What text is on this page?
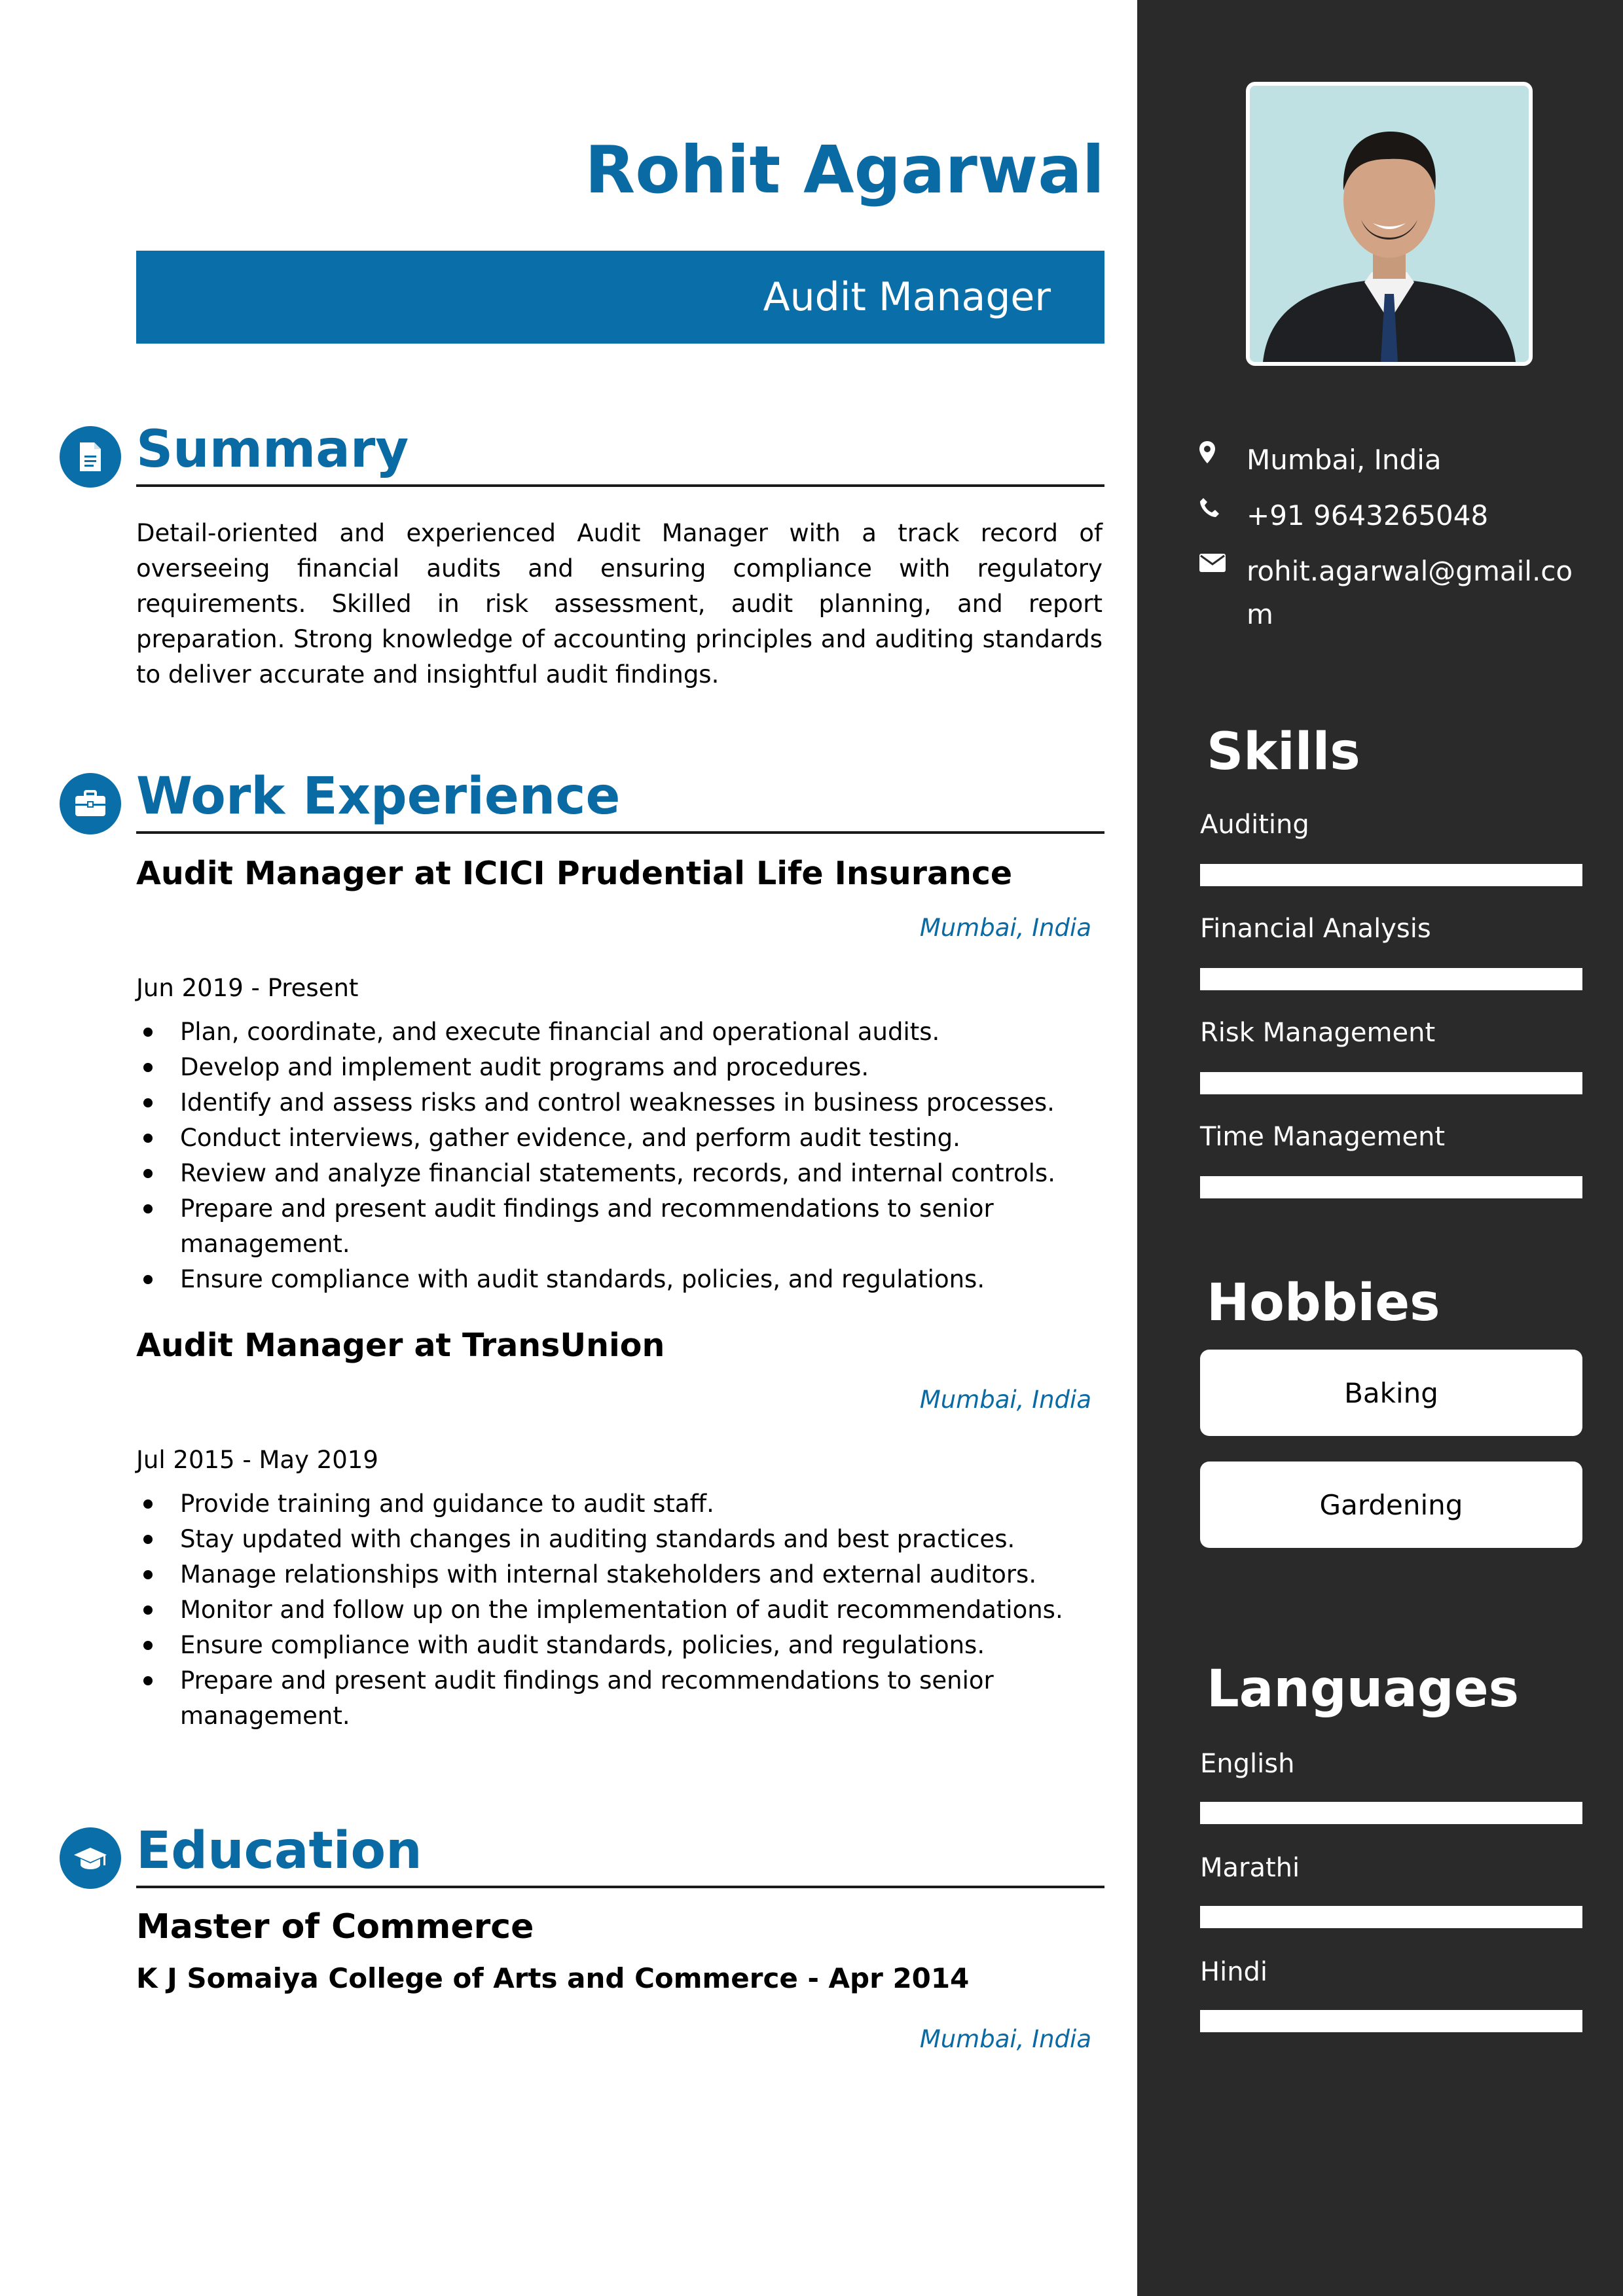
Rohit Agarwal
Audit Manager
Summary

Detail-oriented and experienced Audit Manager with a track record of overseeing financial audits and ensuring compliance with regulatory requirements. Skilled in risk assessment, audit planning, and report preparation. Strong knowledge of accounting principles and auditing standards to deliver accurate and insightful audit findings.

Work Experience
Audit Manager at ICICI Prudential Life Insurance
Mumbai, India
Jun 2019 - Present
Plan, coordinate, and execute financial and operational audits.
Develop and implement audit programs and procedures.
Identify and assess risks and control weaknesses in business processes.
Conduct interviews, gather evidence, and perform audit testing.
Review and analyze financial statements, records, and internal controls.
Prepare and present audit findings and recommendations to senior management.
Ensure compliance with audit standards, policies, and regulations.
Audit Manager at TransUnion
Mumbai, India
Jul 2015 - May 2019
Provide training and guidance to audit staff.
Stay updated with changes in auditing standards and best practices.
Manage relationships with internal stakeholders and external auditors.
Monitor and follow up on the implementation of audit recommendations.
Ensure compliance with audit standards, policies, and regulations.
Prepare and present audit findings and recommendations to senior management.
Education
Master of Commerce
K J Somaiya College of Arts and Commerce - Apr 2014
Mumbai, India
Mumbai, India
+91 9643265048
rohit.agarwal@gmail.com
Skills
Auditing
Financial Analysis
Risk Management
Time Management
Hobbies
Baking
Gardening
Languages
English
Marathi
Hindi
